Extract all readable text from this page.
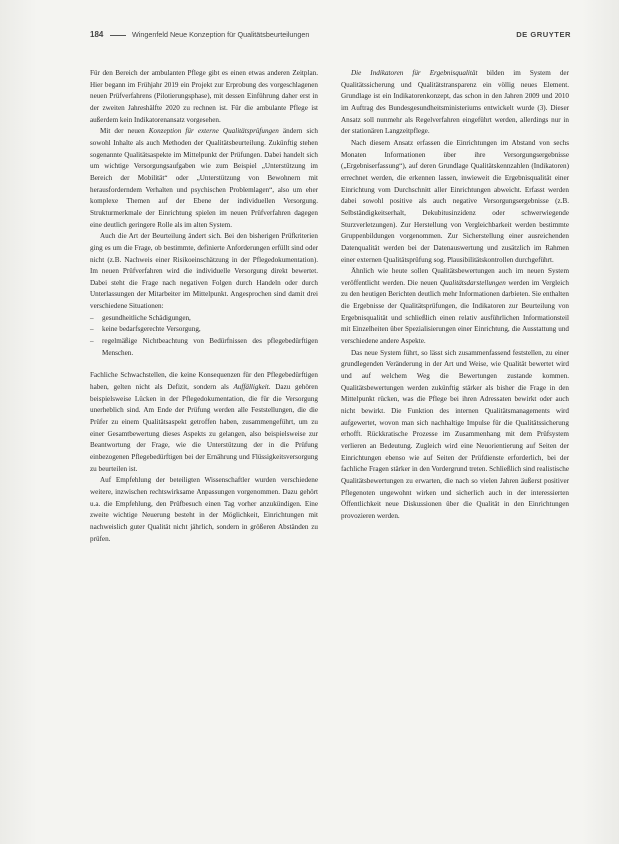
184	Wingenfeld Neue Konzeption für Qualitätsbeurteilungen	DE GRUYTER

Für den Bereich der ambulanten Pflege gibt es einen etwas anderen Zeitplan. Hier begann im Frühjahr 2019 ein Projekt zur Erprobung des vorgeschlagenen neuen Prüfverfahrens (Pilotierungsphase), mit dessen Einführung daher erst in der zweiten Jahreshälfte 2020 zu rechnen ist. Für die ambulante Pflege ist außerdem kein Indikatorenansatz vorgesehen.

Mit der neuen Konzeption für externe Qualitätsprüfungen ändern sich sowohl Inhalte als auch Methoden der Qualitätsbeurteilung. Zukünftig stehen sogenannte Qualitätsaspekte im Mittelpunkt der Prüfungen. Dabei handelt sich um wichtige Versorgungsaufgaben wie zum Beispiel „Unterstützung im Bereich der Mobilität“ oder „Unterstützung von Bewohnern mit herausforderndem Verhalten und psychischen Problemlagen“, also um eher komplexe Themen auf der Ebene der individuellen Versorgung. Strukturmerkmale der Einrichtung spielen im neuen Prüfverfahren dagegen eine deutlich geringere Rolle als im alten System.

Auch die Art der Beurteilung ändert sich. Bei den bisherigen Prüfkriterien ging es um die Frage, ob bestimmte, definierte Anforderungen erfüllt sind oder nicht (z.B. Nachweis einer Risikoeinschätzung in der Pflegedokumentation). Im neuen Prüfverfahren wird die individuelle Versorgung direkt bewertet. Dabei steht die Frage nach negativen Folgen durch Handeln oder durch Unterlassungen der Mitarbeiter im Mittelpunkt. Angesprochen sind damit drei verschiedene Situationen:

– gesundheitliche Schädigungen,
– keine bedarfsgerechte Versorgung,
– regelmäßige Nichtbeachtung von Bedürfnissen des pflegebedürftigen Menschen.

Fachliche Schwachstellen, die keine Konsequenzen für den Pflegebedürftigen haben, gelten nicht als Defizit, sondern als Auffälligkeit. Dazu gehören beispielsweise Lücken in der Pflegedokumentation, die für die Versorgung unerheblich sind. Am Ende der Prüfung werden alle Feststellungen, die die Prüfer zu einem Qualitätsaspekt getroffen haben, zusammengeführt, um zu einer Gesamtbewertung dieses Aspekts zu gelangen, also beispielsweise zur Beantwortung der Frage, wie die Unterstützung der in die Prüfung einbezogenen Pflegebedürftigen bei der Ernährung und Flüssigkeitsversorgung zu beurteilen ist.

Auf Empfehlung der beteiligten Wissenschaftler wurden verschiedene weitere, inzwischen rechtswirksame Anpassungen vorgenommen. Dazu gehört u.a. die Empfehlung, den Prüfbesuch einen Tag vorher anzukündigen. Eine zweite wichtige Neuerung besteht in der Möglichkeit, Einrichtungen mit nachweislich guter Qualität nicht jährlich, sondern in größeren Abständen zu prüfen.

Die Indikatoren für Ergebnisqualität bilden im System der Qualitätssicherung und Qualitätstransparenz ein völlig neues Element. Grundlage ist ein Indikatorenkonzept, das schon in den Jahren 2009 und 2010 im Auftrag des Bundesgesundheitsministeriums entwickelt wurde (3). Dieser Ansatz soll nunmehr als Regelverfahren eingeführt werden, allerdings nur in der stationären Langzeitpflege.

Nach diesem Ansatz erfassen die Einrichtungen im Abstand von sechs Monaten Informationen über ihre Versorgungsergebnisse („Ergebniserfassung“), auf deren Grundlage Qualitätskennzahlen (Indikatoren) errechnet werden, die erkennen lassen, inwieweit die Ergebnisqualität einer Einrichtung vom Durchschnitt aller Einrichtungen abweicht. Erfasst werden dabei sowohl positive als auch negative Versorgungsergebnisse (z.B. Selbständigkeitserhalt, Dekubitusinzidenz oder schwerwiegende Sturzverletzungen). Zur Herstellung von Vergleichbarkeit werden bestimmte Gruppenbildungen vorgenommen. Zur Sicherstellung einer ausreichenden Datenqualität werden bei der Datenauswertung und zusätzlich im Rahmen einer externen Qualitätsprüfung sog. Plausibilitätskontrollen durchgeführt.

Ähnlich wie heute sollen Qualitätsbewertungen auch im neuen System veröffentlicht werden. Die neuen Qualitätsdarstellungen werden im Vergleich zu den heutigen Berichten deutlich mehr Informationen darbieten. Sie enthalten die Ergebnisse der Qualitätsprüfungen, die Indikatoren zur Beurteilung von Ergebnisqualität und schließlich einen relativ ausführlichen Informationsteil mit Einzelheiten über Spezialisierungen einer Einrichtung, die Ausstattung und verschiedene andere Aspekte.

Das neue System führt, so lässt sich zusammenfassend feststellen, zu einer grundlegenden Veränderung in der Art und Weise, wie Qualität bewertet wird und auf welchem Weg die Bewertungen zustande kommen. Qualitätsbewertungen werden zukünftig stärker als bisher die Frage in den Mittelpunkt rücken, was die Pflege bei ihren Adressaten bewirkt oder auch nicht bewirkt. Die Funktion des internen Qualitätsmanagements wird aufgewertet, wovon man sich nachhaltige Impulse für die Qualitätssicherung erhofft. Rückkratische Prozesse im Zusammenhang mit dem Prüfsystem verlieren an Bedeutung. Zugleich wird eine Neuorientierung auf Seiten der Einrichtungen ebenso wie auf Seiten der Prüfdienste erforderlich, bei der fachliche Fragen stärker in den Vordergrund treten. Schließlich sind realistische Qualitätsbewertungen zu erwarten, die nach so vielen Jahren äußerst positiver Pflegenoten ungewohnt wirken und sicherlich auch in der interessierten Öffentlichkeit neue Diskussionen über die Qualität in den Einrichtungen provozieren werden.
